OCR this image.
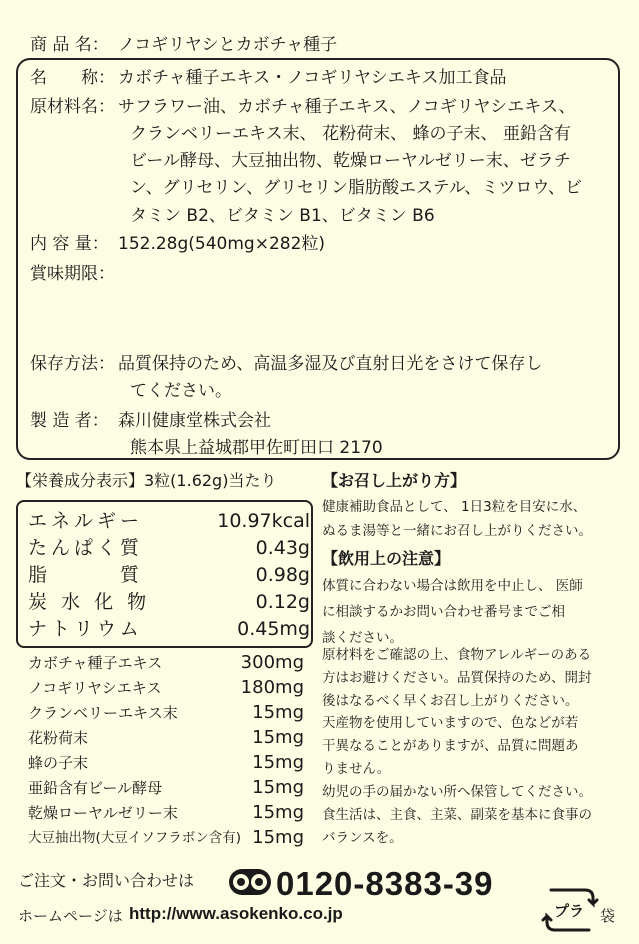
商 品 名： ノコギリヤシとカボチャ種子
名　　称： カボチャ種子エキス・ノコギリヤシエキス加工食品
原材料名： サフラワー油、カボチャ種子エキス、ノコギリヤシエキス、
クランベリーエキス末、 花粉荷末、 蜂の子末、 亜鉛含有
ビール酵母、大豆抽出物、乾燥ローヤルゼリー末、ゼラチ
ン、グリセリン、グリセリン脂肪酸エステル、ミツロウ、ビ
タミン B2、ビタミン B1、ビタミン B6
内 容 量： 152.28g(540mg×282粒)
賞味期限：
保存方法： 品質保持のため、高温多湿及び直射日光をさけて保存し
てください。
製 造 者： 森川健康堂株式会社
熊本県上益城郡甲佐町田口 2170
【栄養成分表示】3粒(1.62g)当たり
エネルギー	10.97kcal
たんぱく質	0.43g
脂　　　質	0.98g
炭 水 化 物	0.12g
ナトリウム	0.45mg
カボチャ種子エキス	300mg
ノコギリヤシエキス	180mg
クランベリーエキス末	15mg
花粉荷末	15mg
蜂の子末	15mg
亜鉛含有ビール酵母	15mg
乾燥ローヤルゼリー末	15mg
大豆抽出物(大豆イソフラボン含有) 15mg
【お召し上がり方】
健康補助食品として、 1日3粒を目安に水、
ぬるま湯等と一緒にお召し上がりください。
【飲用上の注意】
体質に合わない場合は飲用を中止し、 医師
に相談するかお問い合わせ番号までご相
談ください。
原材料をご確認の上、食物アレルギーのある
方はお避けください。品質保持のため、開封
後はなるべく早くお召し上がりください。
天産物を使用していますので、色などが若
干異なることがありますが、品質に問題あ
りません。
幼児の手の届かない所へ保管してください。
食生活は、主食、主菜、副菜を基本に食事の
バランスを。
ご注文・お問い合わせは 0120-8383-39
ホームページは http://www.asokenko.co.jp	プラ 袋
